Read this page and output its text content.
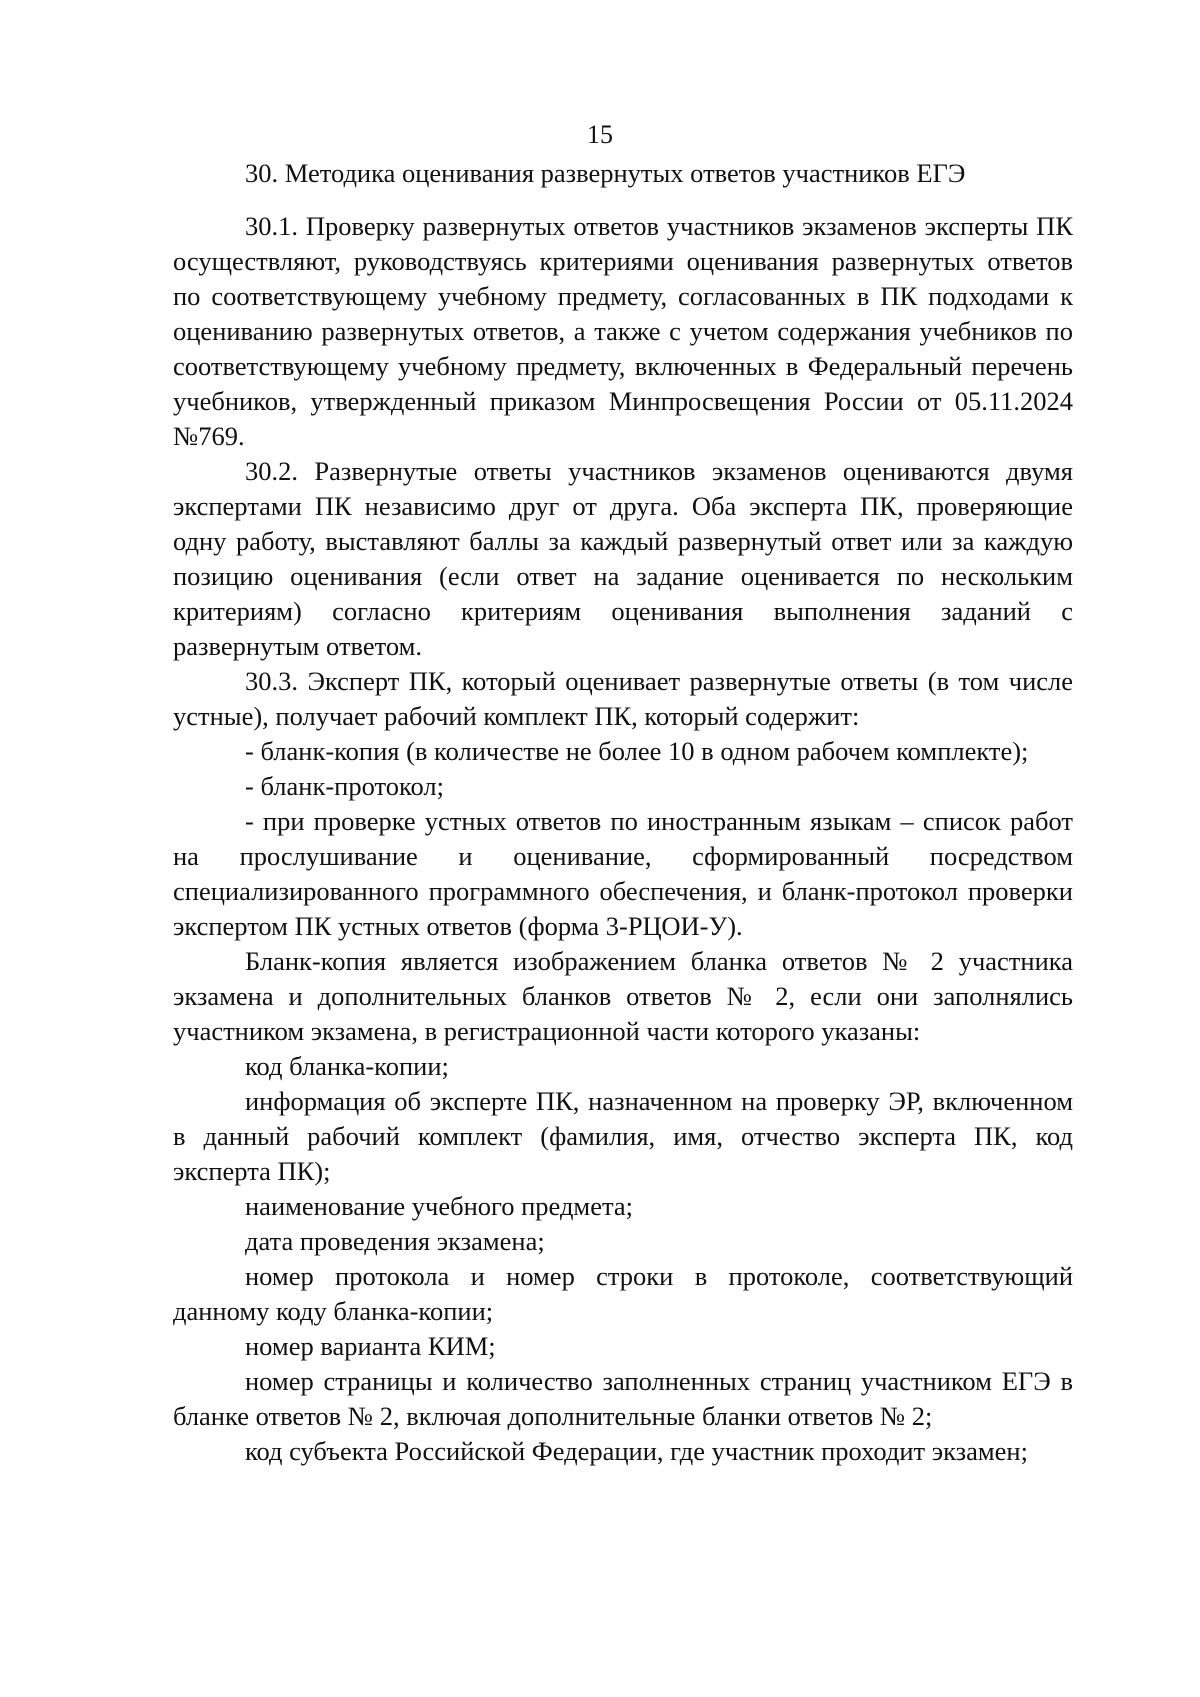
15

30. Методика оценивания развернутых ответов участников ЕГЭ

30.1. Проверку развернутых ответов участников экзаменов эксперты ПК осуществляют, руководствуясь критериями оценивания развернутых ответов по соответствующему учебному предмету, согласованных в ПК подходами к оцениванию развернутых ответов, а также с учетом содержания учебников по соответствующему учебному предмету, включенных в Федеральный перечень учебников, утвержденный приказом Минпросвещения России от 05.11.2024 №769.

30.2. Развернутые ответы участников экзаменов оцениваются двумя экспертами ПК независимо друг от друга. Оба эксперта ПК, проверяющие одну работу, выставляют баллы за каждый развернутый ответ или за каждую позицию оценивания (если ответ на задание оценивается по нескольким критериям) согласно критериям оценивания выполнения заданий с развернутым ответом.

30.3. Эксперт ПК, который оценивает развернутые ответы (в том числе устные), получает рабочий комплект ПК, который содержит:

- бланк-копия (в количестве не более 10 в одном рабочем комплекте);

- бланк-протокол;

- при проверке устных ответов по иностранным языкам – список работ на прослушивание и оценивание, сформированный посредством специализированного программного обеспечения, и бланк-протокол проверки экспертом ПК устных ответов (форма 3-РЦОИ-У).

Бланк-копия является изображением бланка ответов № 2 участника экзамена и дополнительных бланков ответов № 2, если они заполнялись участником экзамена, в регистрационной части которого указаны:

код бланка-копии;

информация об эксперте ПК, назначенном на проверку ЭР, включенном в данный рабочий комплект (фамилия, имя, отчество эксперта ПК, код эксперта ПК);

наименование учебного предмета;

дата проведения экзамена;

номер протокола и номер строки в протоколе, соответствующий данному коду бланка-копии;

номер варианта КИМ;

номер страницы и количество заполненных страниц участником ЕГЭ в бланке ответов № 2, включая дополнительные бланки ответов № 2;

код субъекта Российской Федерации, где участник проходит экзамен;
